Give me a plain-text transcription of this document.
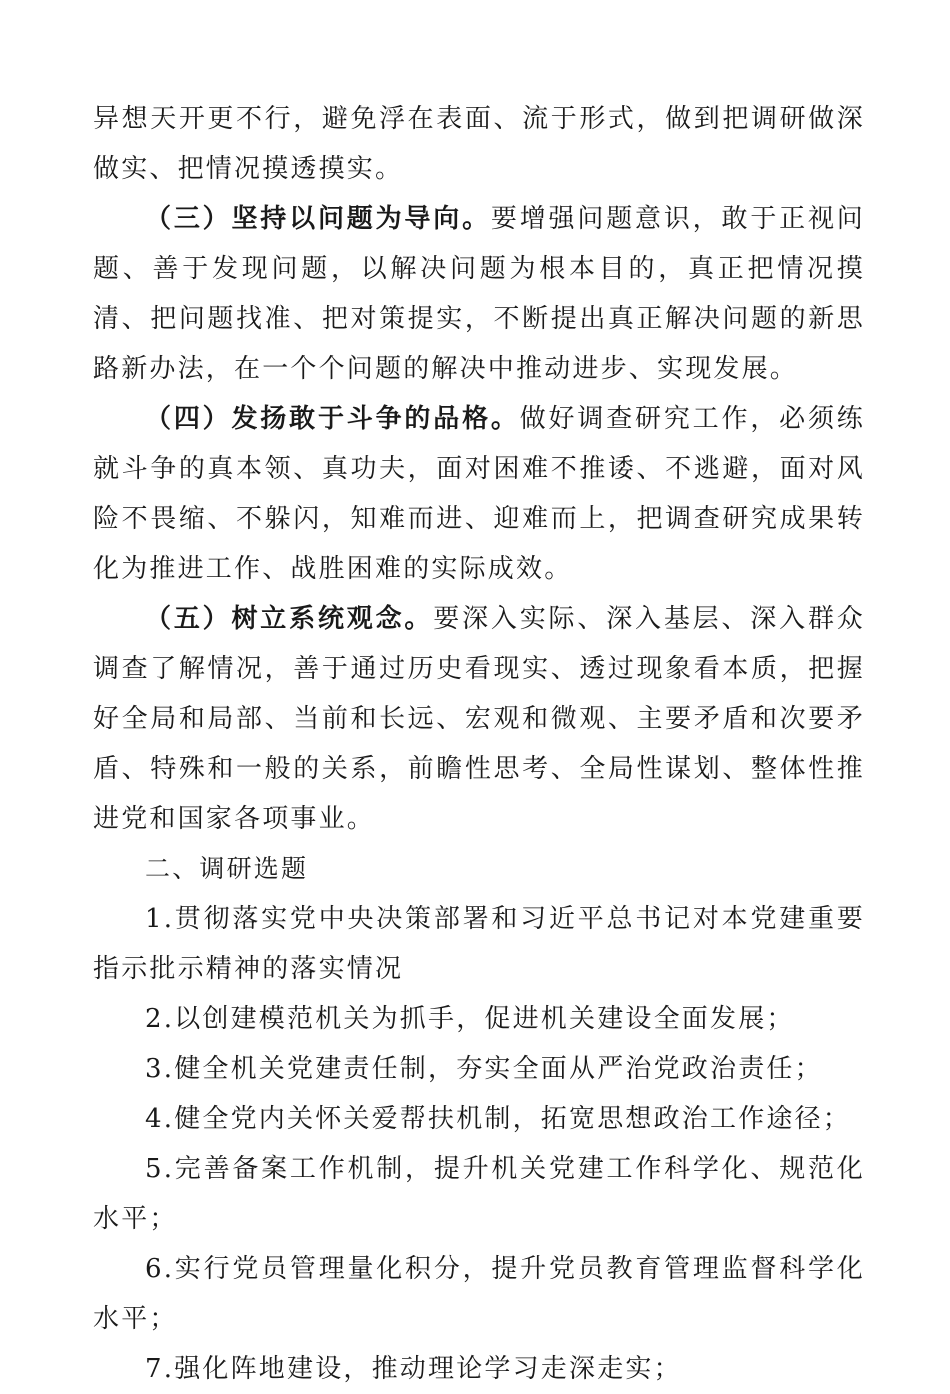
异想天开更不行，避免浮在表面、流于形式，做到把调研做深做实、把情况摸透摸实。

（三）坚持以问题为导向。要增强问题意识，敢于正视问题、善于发现问题，以解决问题为根本目的，真正把情况摸清、把问题找准、把对策提实，不断提出真正解决问题的新思路新办法，在一个个问题的解决中推动进步、实现发展。

（四）发扬敢于斗争的品格。做好调查研究工作，必须练就斗争的真本领、真功夫，面对困难不推诿、不逃避，面对风险不畏缩、不躲闪，知难而进、迎难而上，把调查研究成果转化为推进工作、战胜困难的实际成效。

（五）树立系统观念。要深入实际、深入基层、深入群众调查了解情况，善于通过历史看现实、透过现象看本质，把握好全局和局部、当前和长远、宏观和微观、主要矛盾和次要矛盾、特殊和一般的关系，前瞻性思考、全局性谋划、整体性推进党和国家各项事业。

二、调研选题

1.贯彻落实党中央决策部署和习近平总书记对本党建重要指示批示精神的落实情况

2.以创建模范机关为抓手，促进机关建设全面发展；

3.健全机关党建责任制，夯实全面从严治党政治责任；

4.健全党内关怀关爱帮扶机制，拓宽思想政治工作途径；

5.完善备案工作机制，提升机关党建工作科学化、规范化水平；

6.实行党员管理量化积分，提升党员教育管理监督科学化水平；

7.强化阵地建设，推动理论学习走深走实；
